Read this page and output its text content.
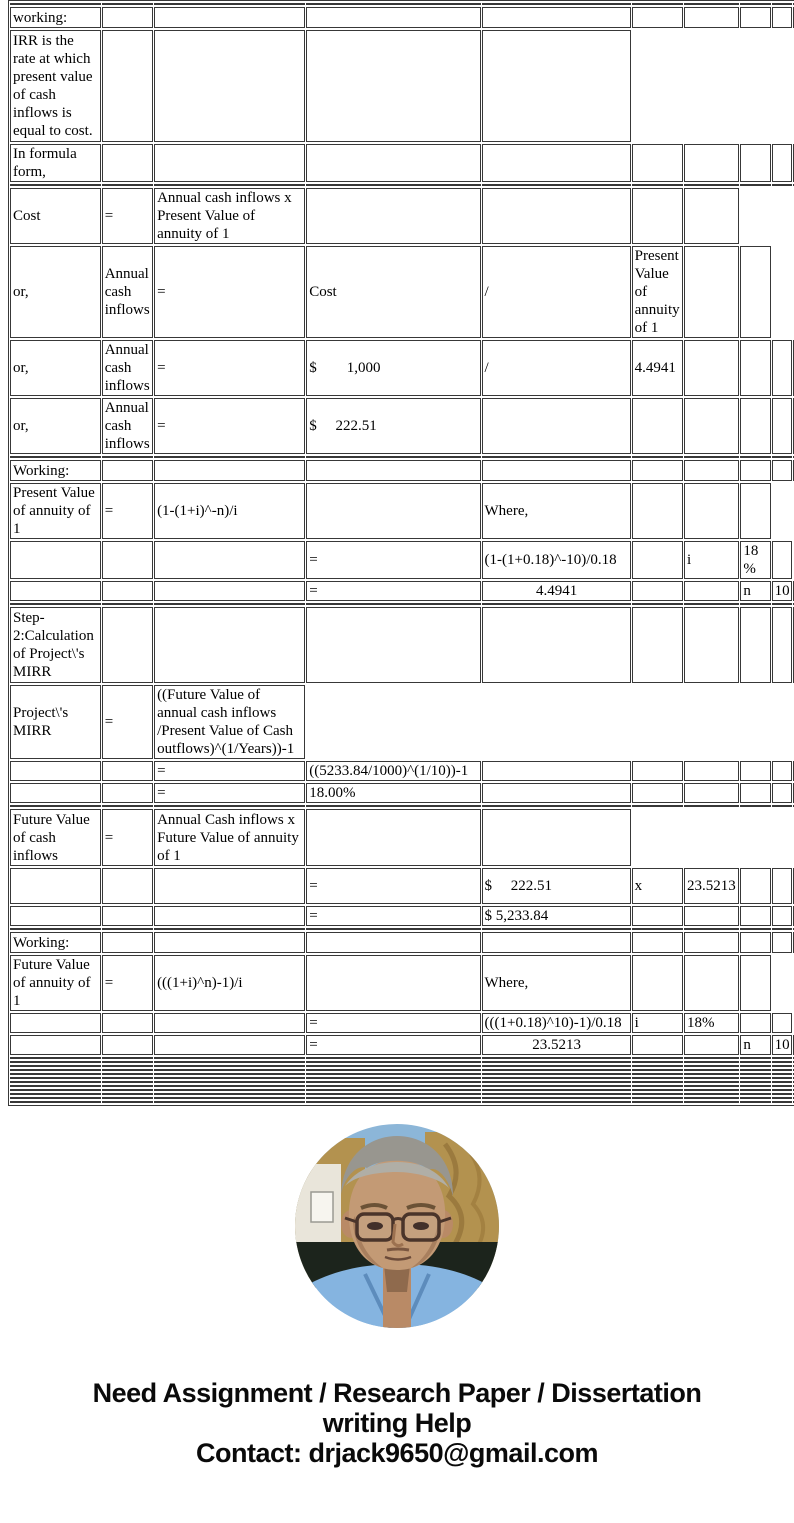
working:									
IRR is the rate at which present value of cash inflows is equal to cost.									
In formula form,									

Cost	=	Annual cash inflows x Present Value of annuity of 1							
or,	Annual cash inflows	=	Cost	/	Present Value of annuity of 1				
or,	Annual cash inflows	=	$        1,000	/	4.4941				
or,	Annual cash inflows	=	$     222.51						

Working:									
Present Value of annuity of 1	=	(1-(1+i)^-n)/i		Where,					
			=	(1-(1+0.18)^-10)/0.18		i	18%		
			=	4.4941			n	10	

Step-2:Calculation of Project\'s MIRR									
Project\'s MIRR	=	((Future Value of annual cash inflows /Present Value of Cash outflows)^(1/Years))-1							
		=	((5233.84/1000)^(1/10))-1						
		=	18.00%						

Future Value of cash inflows	=	Annual Cash inflows x Future Value of annuity of 1							
			=	$     222.51	x	23.5213			
			=	$ 5,233.84					

Working:									
Future Value of annuity of 1	=	(((1+i)^n)-1)/i		Where,					
			=	(((1+0.18)^10)-1)/0.18	i	18%			
			=	23.5213			n	10	

Need Assignment / Research Paper / Dissertation
writing Help
Contact: drjack9650@gmail.com
